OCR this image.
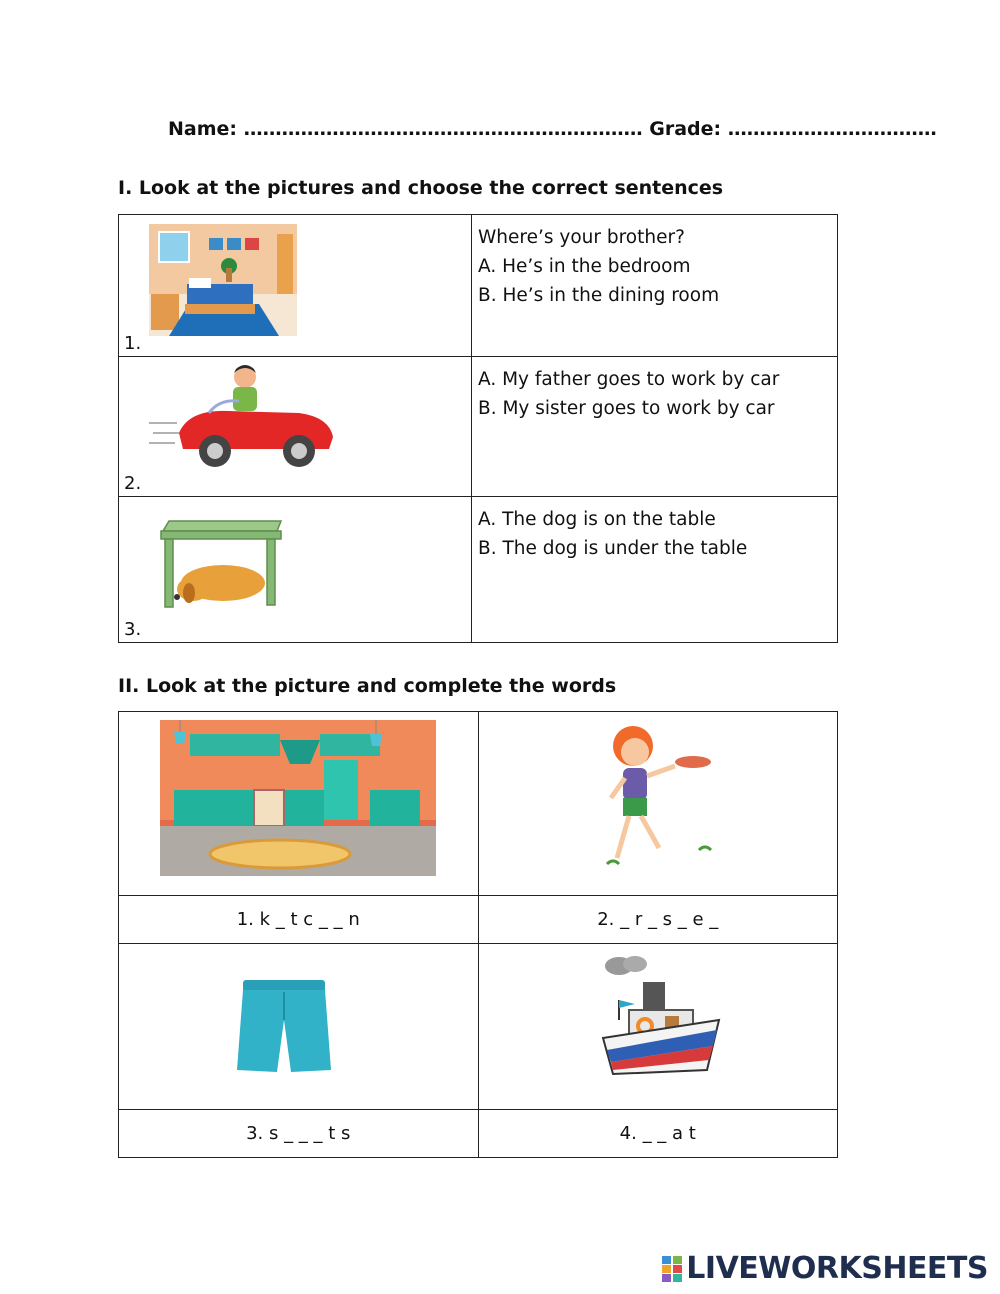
Name: ……………………………………………………… Grade: ……………………………
I. Look at the pictures and choose the correct sentences
1.	Where’s your brother?
A. He’s in the bedroom
B. He’s in the dining room

2.	A. My father goes to work by car
B. My sister goes to work by car

3.	A. The dog is on the table
B. The dog is under the table
II. Look at the picture and complete the words

1. k _ t c _ _ n	2. _ r _ s _ e _

3. s _ _ _ t s	4. _ _ a t
LIVEWORKSHEETS
